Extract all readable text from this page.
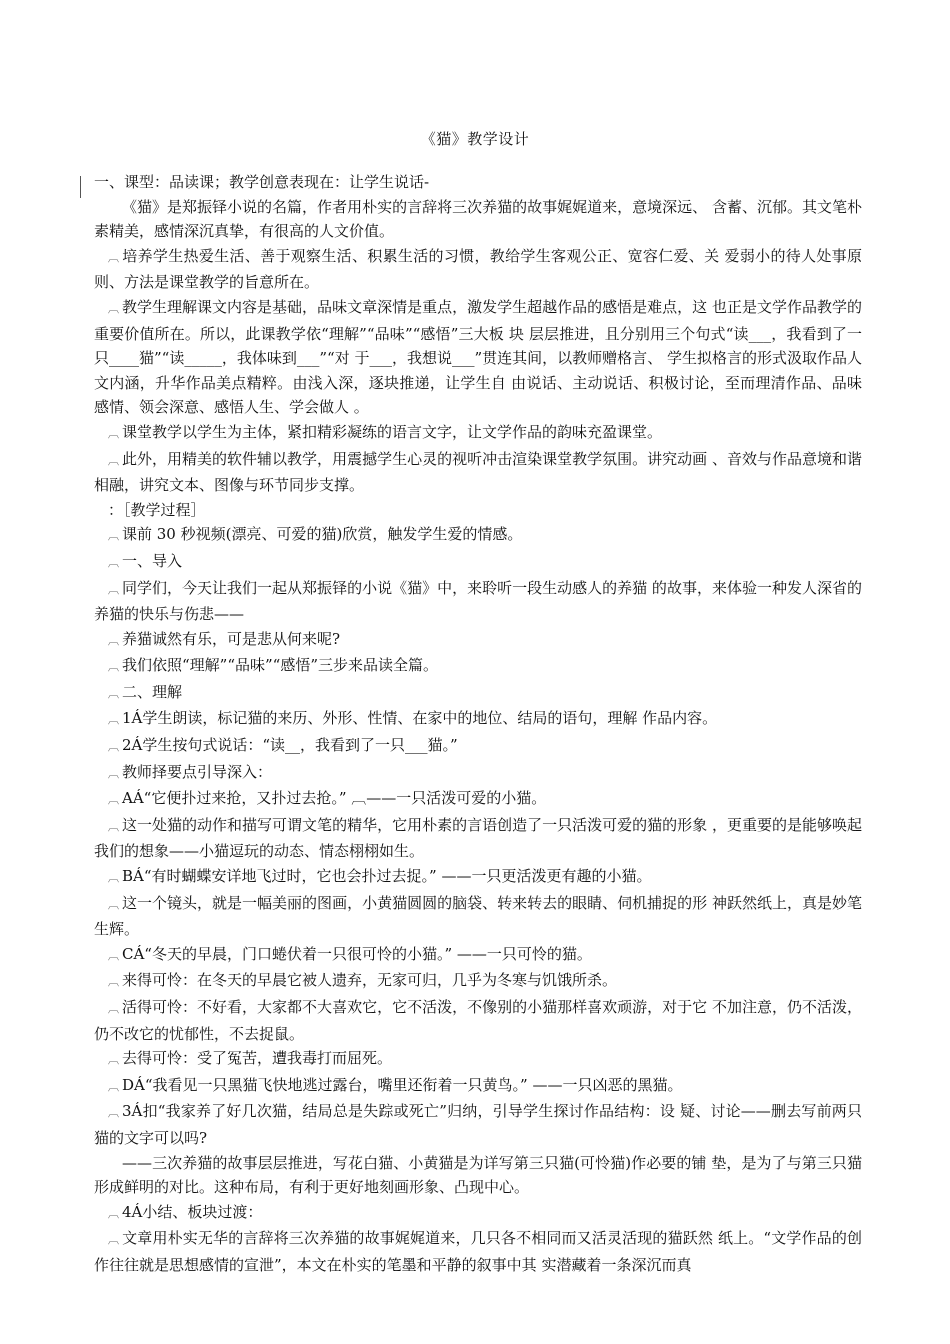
《猫》教学设计

一、课型：品读课；教学创意表现在：让学生说话-

《猫》是郑振铎小说的名篇，作者用朴实的言辞将三次养猫的故事娓娓道来，意境深远、 含蓄、沉郁。其文笔朴素精美，感情深沉真挚，有很高的人文价值。

︹ 培养学生热爱生活、善于观察生活、积累生活的习惯，教给学生客观公正、宽容仁爱、关 爱弱小的待人处事原则、方法是课堂教学的旨意所在。

︹ 教学生理解课文内容是基础，品味文章深情是重点，激发学生超越作品的感悟是难点，这 也正是文学作品教学的重要价值所在。所以，此课教学依“理解”“品味”“感悟”三大板 块 层层推进，且分别用三个句式“读___，我看到了一只____猫”“读_____，我体味到___”“对 于___，我想说___”贯连其间，以教师赠格言、 学生拟格言的形式汲取作品人文内涵，升华作品美点精粹。由浅入深，逐块推递，让学生自 由说话、主动说话、积极讨论，至而理清作品、品味感情、领会深意、感悟人生、学会做人 。

︹ 课堂教学以学生为主体，紧扣精彩凝练的语言文字，让文学作品的韵味充盈课堂。

︹ 此外，用精美的软件辅以教学，用震撼学生心灵的视听冲击渲染课堂教学氛围。讲究动画 、音效与作品意境和谐相融，讲究文本、图像与环节同步支撑。

：［教学过程］

︹ 课前 30 秒视频(漂亮、可爱的猫)欣赏，触发学生爱的情感。

︹ 一、导入

︹ 同学们，今天让我们一起从郑振铎的小说《猫》中，来聆听一段生动感人的养猫 的故事，来体验一种发人深省的养猫的快乐与伤悲——

︹ 养猫诚然有乐，可是悲从何来呢?

︹ 我们依照“理解”“品味”“感悟”三步来品读全篇。

︹ 二、理解

︹ 1Á学生朗读，标记猫的来历、外形、性情、在家中的地位、结局的语句，理解 作品内容。

︹ 2Á学生按句式说话：“读__，我看到了一只___猫。”

︹ 教师择要点引导深入：

︹ AÁ“它便扑过来抢，又扑过去抢。” ︹——一只活泼可爱的小猫。

︹ 这一处猫的动作和描写可谓文笔的精华，它用朴素的言语创造了一只活泼可爱的猫的形象 ，更重要的是能够唤起我们的想象——小猫逗玩的动态、情态栩栩如生。

︹ BÁ“有时蝴蝶安详地飞过时，它也会扑过去捉。” ——一只更活泼更有趣的小猫。

︹ 这一个镜头，就是一幅美丽的图画，小黄猫圆圆的脑袋、转来转去的眼睛、伺机捕捉的形 神跃然纸上，真是妙笔生辉。

︹ CÁ“冬天的早晨，门口蜷伏着一只很可怜的小猫。” ——一只可怜的猫。

︹ 来得可怜：在冬天的早晨它被人遗弃，无家可归，几乎为冬寒与饥饿所杀。

︹ 活得可怜：不好看，大家都不大喜欢它，它不活泼，不像别的小猫那样喜欢顽游，对于它 不加注意，仍不活泼，仍不改它的忧郁性，不去捉鼠。

︹ 去得可怜：受了冤苦，遭我毒打而屈死。

︹ DÁ“我看见一只黑猫飞快地逃过露台，嘴里还衔着一只黄鸟。” ——一只凶恶的黑猫。

︹ 3Á扣“我家养了好几次猫，结局总是失踪或死亡”归纳，引导学生探讨作品结构：设 疑、讨论——删去写前两只猫的文字可以吗?

——三次养猫的故事层层推进，写花白猫、小黄猫是为详写第三只猫(可怜猫)作必要的铺 垫，是为了与第三只猫形成鲜明的对比。这种布局，有利于更好地刻画形象、凸现中心。

︹ 4Á小结、板块过渡：

︹ 文章用朴实无华的言辞将三次养猫的故事娓娓道来，几只各不相同而又活灵活现的猫跃然 纸上。“文学作品的创作往往就是思想感情的宣泄”，本文在朴实的笔墨和平静的叙事中其 实潜藏着一条深沉而真
